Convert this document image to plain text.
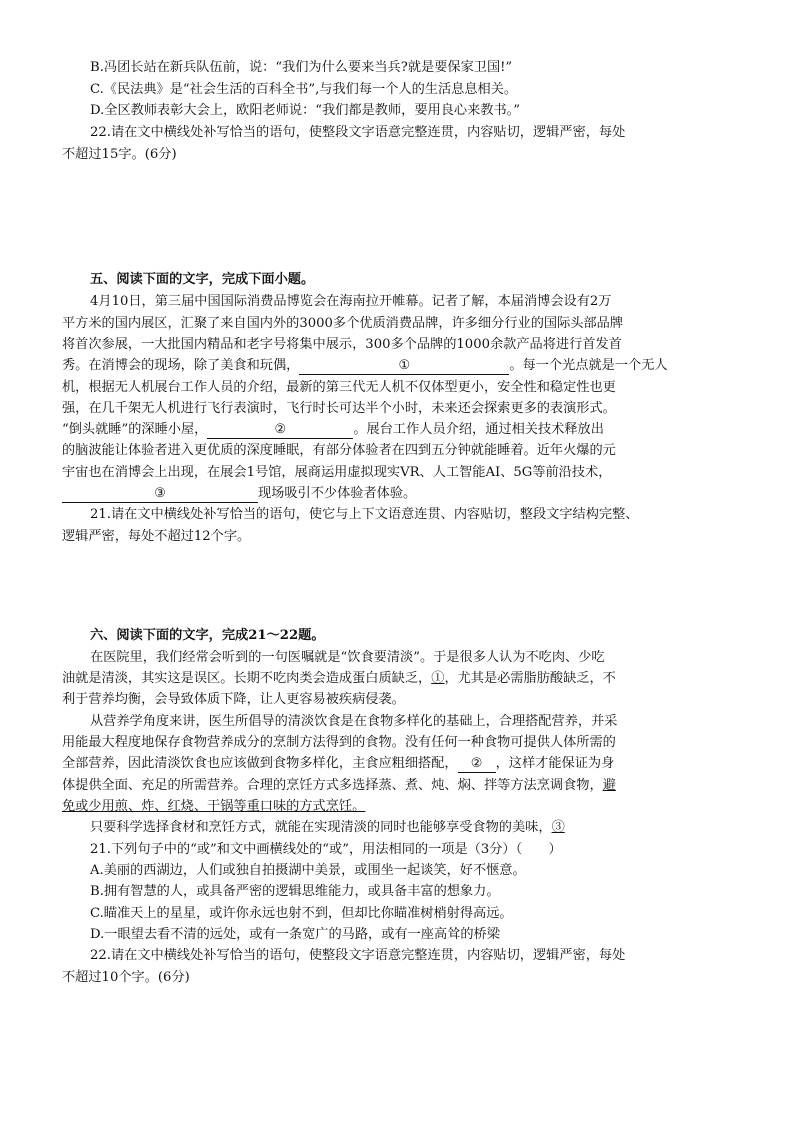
B.冯团长站在新兵队伍前，说：“我们为什么要来当兵?就是要保家卫国!”
C.《民法典》是“社会生活的百科全书”,与我们每一个人的生活息息相关。
D.全区教师表彰大会上，欧阳老师说：“我们都是教师，要用良心来教书。”
22.请在文中横线处补写恰当的语句，使整段文字语意完整连贯，内容贴切，逻辑严密，每处
不超过15字。(6分)
五、阅读下面的文字，完成下面小题。
4月10日，第三届中国国际消费品博览会在海南拉开帷幕。记者了解，本届消博会设有2万
平方米的国内展区，汇聚了来自国内外的3000多个优质消费品牌，许多细分行业的国际头部品牌
将首次参展，一大批国内精品和老字号将集中展示，300多个品牌的1000余款产品将进行首发首
秀。在消博会的现场，除了美食和玩偶，	①	。每一个光点就是一个无人
机，根据无人机展台工作人员的介绍，最新的第三代无人机不仅体型更小，安全性和稳定性也更
强，在几千架无人机进行飞行表演时，飞行时长可达半个小时，未来还会探索更多的表演形式。
“倒头就睡”的深睡小屋，	②	。展台工作人员介绍，通过相关技术释放出
的脑波能让体验者进入更优质的深度睡眠，有部分体验者在四到五分钟就能睡着。近年火爆的元
宇宙也在消博会上出现，在展会1号馆，展商运用虚拟现实VR、人工智能AI、5G等前沿技术，
③	现场吸引不少体验者体验。
21.请在文中横线处补写恰当的语句，使它与上下文语意连贯、内容贴切，整段文字结构完整、
逻辑严密，每处不超过12个字。
六、阅读下面的文字，完成21～22题。
在医院里，我们经常会听到的一句医嘱就是“饮食要清淡”。于是很多人认为不吃肉、少吃
油就是清淡，其实这是误区。长期不吃肉类会造成蛋白质缺乏，①，尤其是必需脂肪酸缺乏，不
利于营养均衡，会导致体质下降，让人更容易被疾病侵袭。
从营养学角度来讲，医生所倡导的清淡饮食是在食物多样化的基础上，合理搭配营养，并采
用能最大程度地保存食物营养成分的烹制方法得到的食物。没有任何一种食物可提供人体所需的
全部营养，因此清淡饮食也应该做到食物多样化，主食应粗细搭配， ② ，这样才能保证为身
体提供全面、充足的所需营养。合理的烹饪方式多选择蒸、煮、炖、焖、拌等方法烹调食物，避
免或少用煎、炸、红烧、干锅等重口味的方式烹饪。
只要科学选择食材和烹饪方式，就能在实现清淡的同时也能够享受食物的美味，③
21.下列句子中的“或”和文中画横线处的“或”，用法相同的一项是（3分）（　　）
A.美丽的西湖边，人们或独自拍摄湖中美景，或围坐一起谈笑，好不惬意。
B.拥有智慧的人，或具备严密的逻辑思维能力，或具备丰富的想象力。
C.瞄准天上的星星，或许你永远也射不到，但却比你瞄准树梢射得高远。
D.一眼望去看不清的远处，或有一条宽广的马路，或有一座高耸的桥梁
22.请在文中横线处补写恰当的语句，使整段文字语意完整连贯，内容贴切，逻辑严密，每处
不超过10个字。(6分)
